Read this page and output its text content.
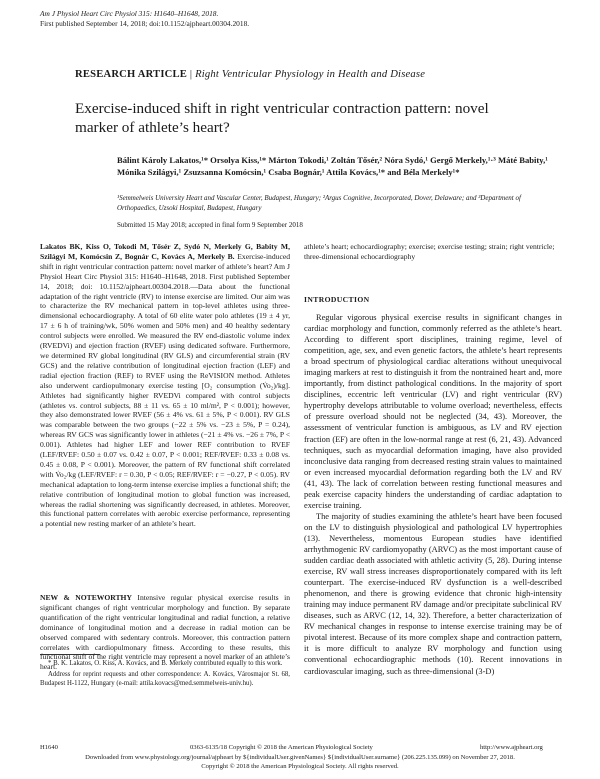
Am J Physiol Heart Circ Physiol 315: H1640–H1648, 2018.
First published September 14, 2018; doi:10.1152/ajpheart.00304.2018.
RESEARCH ARTICLE | Right Ventricular Physiology in Health and Disease
Exercise-induced shift in right ventricular contraction pattern: novel marker of athlete’s heart?
Bálint Károly Lakatos,¹* Orsolya Kiss,¹* Márton Tokodi,¹ Zoltán Tősér,² Nóra Sydó,¹ Gergő Merkely,¹·³ Máté Babity,¹ Mónika Szilágyi,¹ Zsuzsanna Komócsin,¹ Csaba Bognár,¹ Attila Kovács,¹* and Béla Merkely¹*
¹Semmelweis University Heart and Vascular Center, Budapest, Hungary; ²Argus Cognitive, Incorporated, Dover, Delaware; and ³Department of Orthopaedics, Uzsoki Hospital, Budapest, Hungary
Submitted 15 May 2018; accepted in final form 9 September 2018
Lakatos BK, Kiss O, Tokodi M, Tősér Z, Sydó N, Merkely G, Babity M, Szilágyi M, Komócsin Z, Bognár C, Kovács A, Merkely B. Exercise-induced shift in right ventricular contraction pattern: novel marker of athlete’s heart? Am J Physiol Heart Circ Physiol 315: H1640–H1648, 2018. First published September 14, 2018; doi: 10.1152/ajpheart.00304.2018.—Data about the functional adaptation of the right ventricle (RV) to intense exercise are limited. Our aim was to characterize the RV mechanical pattern in top-level athletes using three-dimensional echocardiography. A total of 60 elite water polo athletes (19 ± 4 yr, 17 ± 6 h of training/wk, 50% women and 50% men) and 40 healthy sedentary control subjects were enrolled. We measured the RV end-diastolic volume index (RVEDVi) and ejection fraction (RVEF) using dedicated software. Furthermore, we determined RV global longitudinal (RV GLS) and circumferential strain (RV GCS) and the relative contribution of longitudinal ejection fraction (LEF) and radial ejection fraction (REF) to RVEF using the ReVISION method. Athletes also underwent cardiopulmonary exercise testing [O₂ consumption (V̇o₂)/kg]. Athletes had significantly higher RVEDVi compared with control subjects (athletes vs. control subjects, 88 ± 11 vs. 65 ± 10 ml/m², P < 0.001); however, they also demonstrated lower RVEF (56 ± 4% vs. 61 ± 5%, P < 0.001). RV GLS was comparable between the two groups (−22 ± 5% vs. −23 ± 5%, P = 0.24), whereas RV GCS was significantly lower in athletes (−21 ± 4% vs. −26 ± 7%, P < 0.001). Athletes had higher LEF and lower REF contribution to RVEF (LEF/RVEF: 0.50 ± 0.07 vs. 0.42 ± 0.07, P < 0.001; REF/RVEF: 0.33 ± 0.08 vs. 0.45 ± 0.08, P < 0.001). Moreover, the pattern of RV functional shift correlated with V̇o₂/kg (LEF/RVEF: r = 0.30, P < 0.05; REF/RVEF: r = −0.27, P < 0.05). RV mechanical adaptation to long-term intense exercise implies a functional shift; the relative contribution of longitudinal motion to global function was increased, whereas the radial shortening was significantly decreased, in athletes. Moreover, this functional pattern correlates with aerobic exercise performance, representing a potential new resting marker of an athlete’s heart.
NEW & NOTEWORTHY Intensive regular physical exercise results in significant changes of right ventricular morphology and function. By separate quantification of the right ventricular longitudinal and radial function, a relative dominance of longitudinal motion and a decrease in radial motion can be observed compared with sedentary controls. Moreover, this contraction pattern correlates with cardiopulmonary fitness. According to these results, this functional shift of the right ventricle may represent a novel marker of an athlete’s heart.
athlete’s heart; echocardiography; exercise; exercise testing; strain; right ventricle; three-dimensional echocardiography
INTRODUCTION

Regular vigorous physical exercise results in significant changes in cardiac morphology and function, commonly referred as the athlete’s heart. According to different sport disciplines, training regime, level of competition, age, sex, and even genetic factors, the athlete’s heart represents a broad spectrum of physiological cardiac alterations without unequivocal imaging markers at rest to distinguish it from the nontrained heart and, more importantly, from distinct pathological conditions. In the majority of sport disciplines, eccentric left ventricular (LV) and right ventricular (RV) hypertrophy develops attributable to volume overload; nevertheless, effects of pressure overload should not be neglected (34, 43). Moreover, the assessment of ventricular function is ambiguous, as LV and RV ejection fraction (EF) are often in the low-normal range at rest (6, 21, 43). Advanced techniques, such as myocardial deformation imaging, have also provided inconclusive data ranging from decreased resting strain values to maintained or even increased myocardial deformation regarding both the LV and RV (41, 43). The lack of correlation between resting functional measures and peak exercise capacity hinders the understanding of cardiac adaptation to exercise training.

The majority of studies examining the athlete’s heart have been focused on the LV to distinguish physiological and pathological LV hypertrophies (13). Nevertheless, momentous European studies have identified arrhythmogenic RV cardiomyopathy (ARVC) as the most important cause of sudden cardiac death associated with athletic activity (5, 28). During intense exercise, RV wall stress increases disproportionately compared with its left counterpart. The exercise-induced RV dysfunction is a well-described phenomenon, and there is growing evidence that chronic high-intensity training may induce permanent RV damage and/or precipitate subclinical RV diseases, such as ARVC (12, 14, 32). Therefore, a better characterization of RV mechanical changes in response to intense exercise training may be of pivotal interest. Because of its more complex shape and contraction pattern, it is more difficult to analyze RV morphology and function using conventional echocardiographic methods (10). Recent innovations in cardiovascular imaging, such as three-dimensional (3-D)

* B. K. Lakatos, O. Kiss, A. Kovács, and B. Merkely contributed equally to this work.

Address for reprint requests and other correspondence: A. Kovács, Városmajor St. 68, Budapest H-1122, Hungary (e-mail: attila.kovacs@med.semmelweis-univ.hu).

H1640	0363-6135/18 Copyright © 2018 the American Physiological Society	http://www.ajpheart.org
Downloaded from www.physiology.org/journal/ajpheart by ${individualUser.givenNames} ${individualUser.surname} (206.225.135.099) on November 27, 2018.
Copyright © 2018 the American Physiological Society. All rights reserved.
